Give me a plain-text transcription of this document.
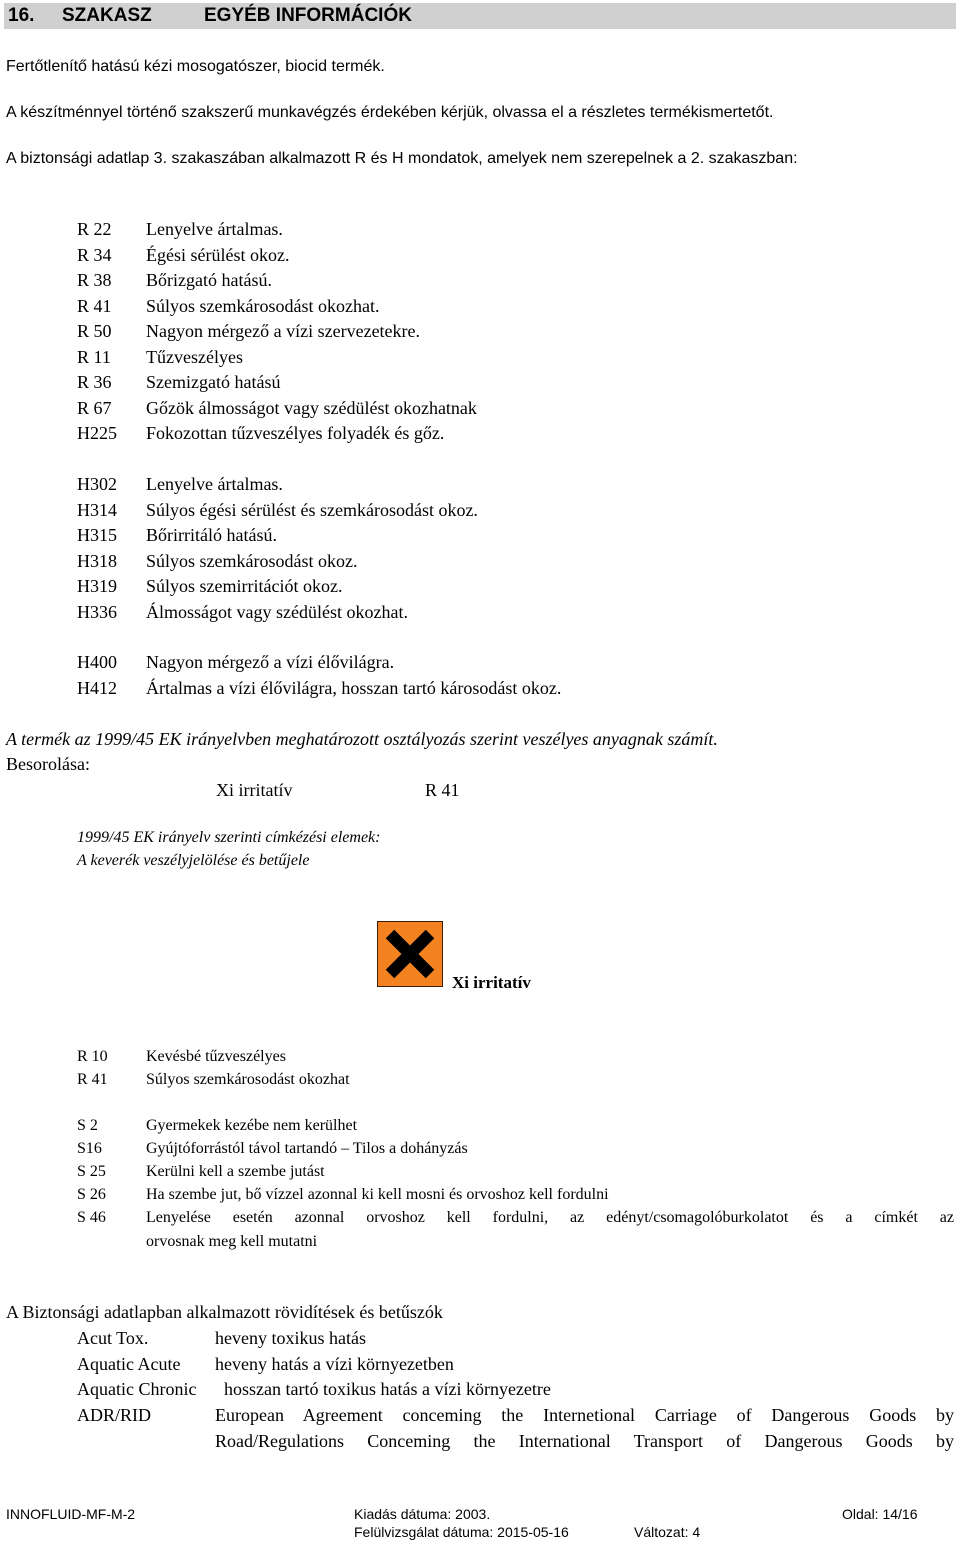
16. SZAKASZ	EGYÉB INFORMÁCIÓK
Fertőtlenítő hatású kézi mosogatószer, biocid termék.
A készítménnyel történő szakszerű munkavégzés érdekében kérjük, olvassa el a részletes termékismertetőt.
A biztonsági adatlap 3. szakaszában alkalmazott R és H mondatok, amelyek nem szerepelnek a 2. szakaszban:
R 22 Lenyelve ártalmas.
R 34 Égési sérülést okoz.
R 38 Bőrizgató hatású.
R 41 Súlyos szemkárosodást okozhat.
R 50 Nagyon mérgező a vízi szervezetekre.
R 11 Tűzveszélyes
R 36 Szemizgató hatású
R 67 Gőzök álmosságot vagy szédülést okozhatnak
H225 Fokozottan tűzveszélyes folyadék és gőz.
H302 Lenyelve ártalmas.
H314 Súlyos égési sérülést és szemkárosodást okoz.
H315 Bőrirritáló hatású.
H318 Súlyos szemkárosodást okoz.
H319 Súlyos szemirritációt okoz.
H336 Álmosságot vagy szédülést okozhat.
H400 Nagyon mérgező a vízi élővilágra.
H412 Ártalmas a vízi élővilágra, hosszan tartó károsodást okoz.
A termék az 1999/45 EK irányelvben meghatározott osztályozás szerint veszélyes anyagnak számít.
Besorolása:
Xi irritatív	R 41
1999/45 EK irányelv szerinti címkézési elemek:
A keverék veszélyjelölése és betűjele
Xi irritatív
R 10 Kevésbé tűzveszélyes
R 41 Súlyos szemkárosodást okozhat
S 2	Gyermekek kezébe nem kerülhet
S16	Gyújtóforrástól távol tartandó – Tilos a dohányzás
S 25	Kerülni kell a szembe jutást
S 26	Ha szembe jut, bő vízzel azonnal ki kell mosni és orvoshoz kell fordulni
S 46	Lenyelése esetén azonnal orvoshoz kell fordulni, az edényt/csomagolóburkolatot és a címkét az
orvosnak meg kell mutatni
A Biztonsági adatlapban alkalmazott rövidítések és betűszók
Acut Tox.	heveny toxikus hatás
Aquatic Acute heveny hatás a vízi környezetben
Aquatic Chronic hosszan tartó toxikus hatás a vízi környezetre
ADR/RID	European Agreement conceming the Internetional Carriage of Dangerous Goods by
Road/Regulations Conceming the International Transport of Dangerous Goods by
INNOFLUID-MF-M-2	Kiadás dátuma: 2003.	Oldal: 14/16
Felülvizsgálat dátuma: 2015-05-16	Változat: 4
